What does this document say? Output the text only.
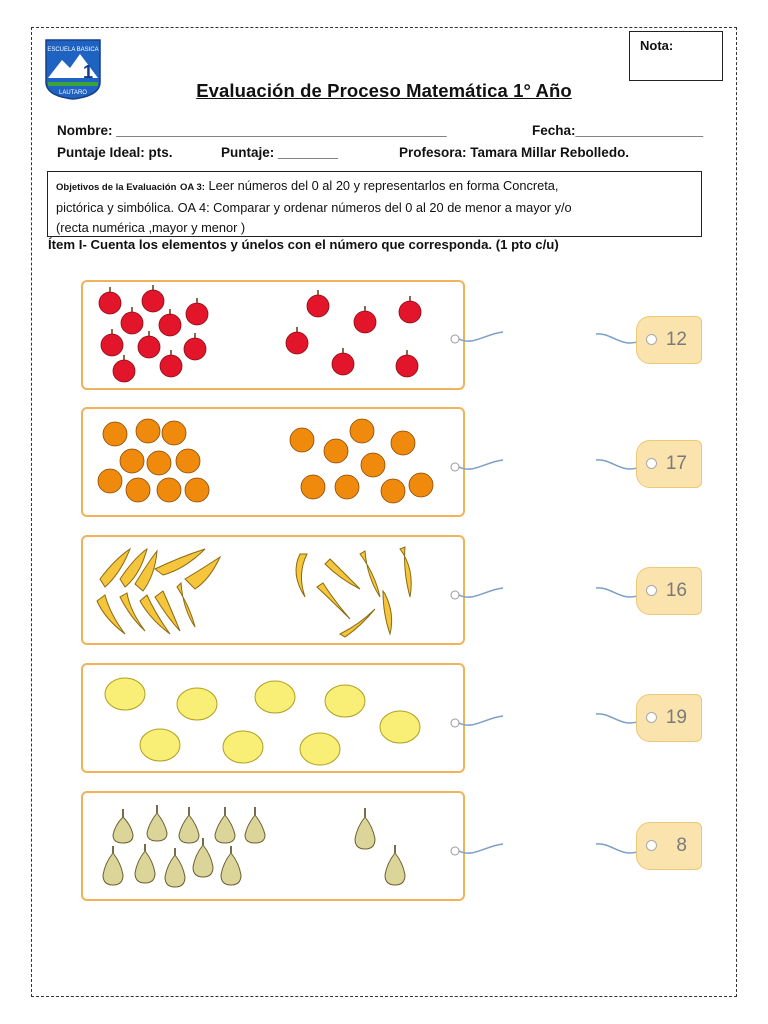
ESCUELA BASICA
1
LAUTARO
Nota:
Evaluación de Proceso Matemática 1° Año
Nombre: ____________________________________________	Fecha:_________________
Puntaje Ideal: pts.	Puntaje: ________	Profesora: Tamara Millar Rebolledo.
Objetivos de la Evaluación OA 3: Leer números del 0 al 20 y representarlos en forma Concreta,
pictórica y simbólica. OA 4: Comparar y ordenar números del 0 al 20 de menor a mayor y/o
(recta numérica ,mayor y menor )
Ítem I- Cuenta los elementos y únelos con el número que corresponda. (1 pto c/u)
12
17
16
19
8
